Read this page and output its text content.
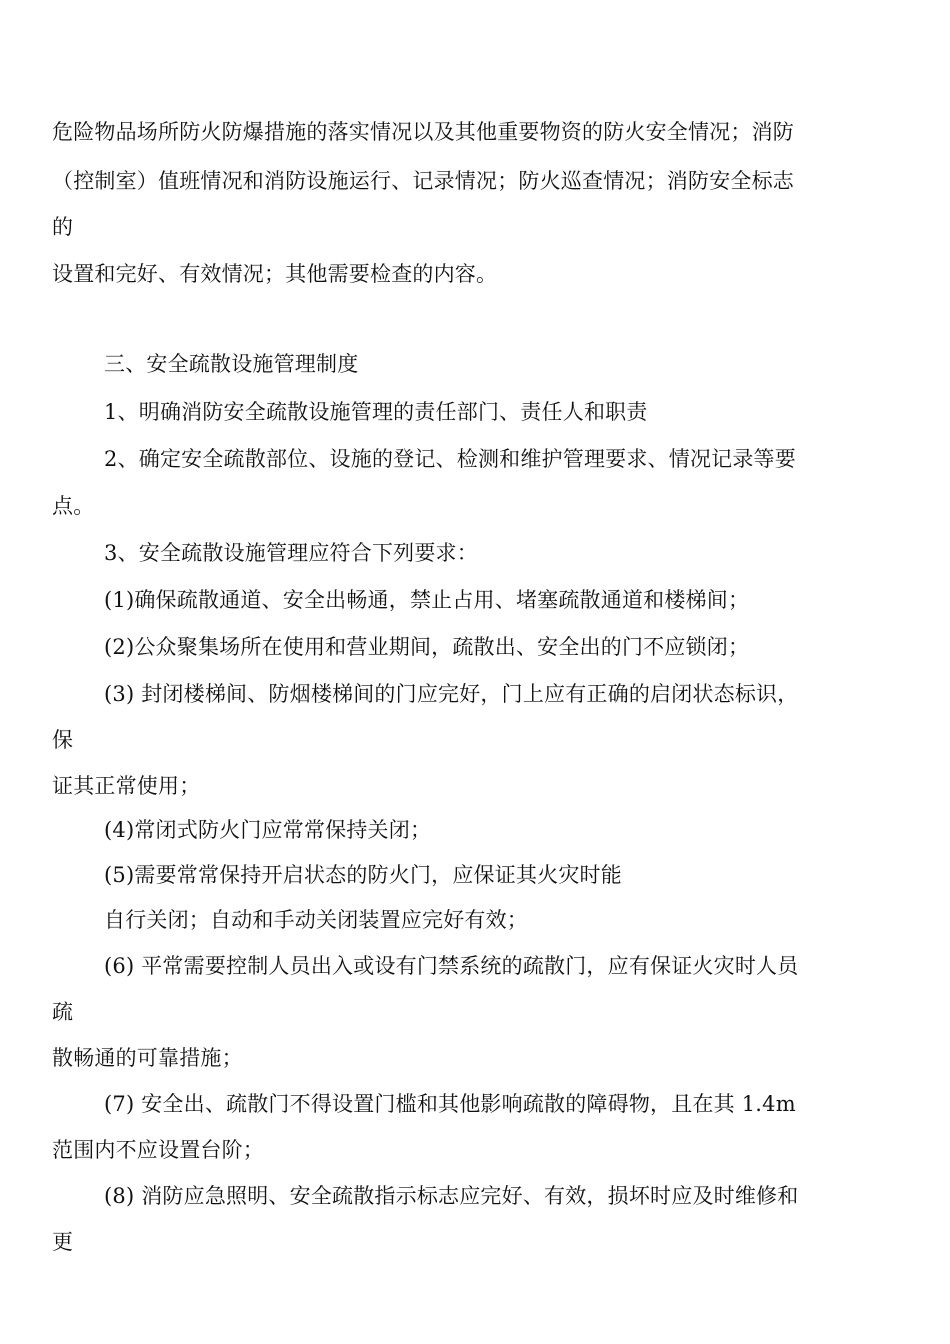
危险物品场所防火防爆措施的落实情况以及其他重要物资的防火安全情况；消防
（控制室）值班情况和消防设施运行、记录情况；防火巡查情况；消防安全标志
的
设置和完好、有效情况；其他需要检查的内容。
三、安全疏散设施管理制度
1、明确消防安全疏散设施管理的责任部门、责任人和职责
2、确定安全疏散部位、设施的登记、检测和维护管理要求、情况记录等要
点。
3、安全疏散设施管理应符合下列要求：
(1)确保疏散通道、安全出畅通，禁止占用、堵塞疏散通道和楼梯间；
(2)公众聚集场所在使用和营业期间，疏散出、安全出的门不应锁闭；
(3) 封闭楼梯间、防烟楼梯间的门应完好，门上应有正确的启闭状态标识，
保
证其正常使用；
(4)常闭式防火门应常常保持关闭；
(5)需要常常保持开启状态的防火门，应保证其火灾时能
自行关闭；自动和手动关闭装置应完好有效；
(6) 平常需要控制人员出入或设有门禁系统的疏散门，应有保证火灾时人员
疏
散畅通的可靠措施；
(7) 安全出、疏散门不得设置门槛和其他影响疏散的障碍物，且在其 1.4m
范围内不应设置台阶；
(8) 消防应急照明、安全疏散指示标志应完好、有效，损坏时应及时维修和
更
